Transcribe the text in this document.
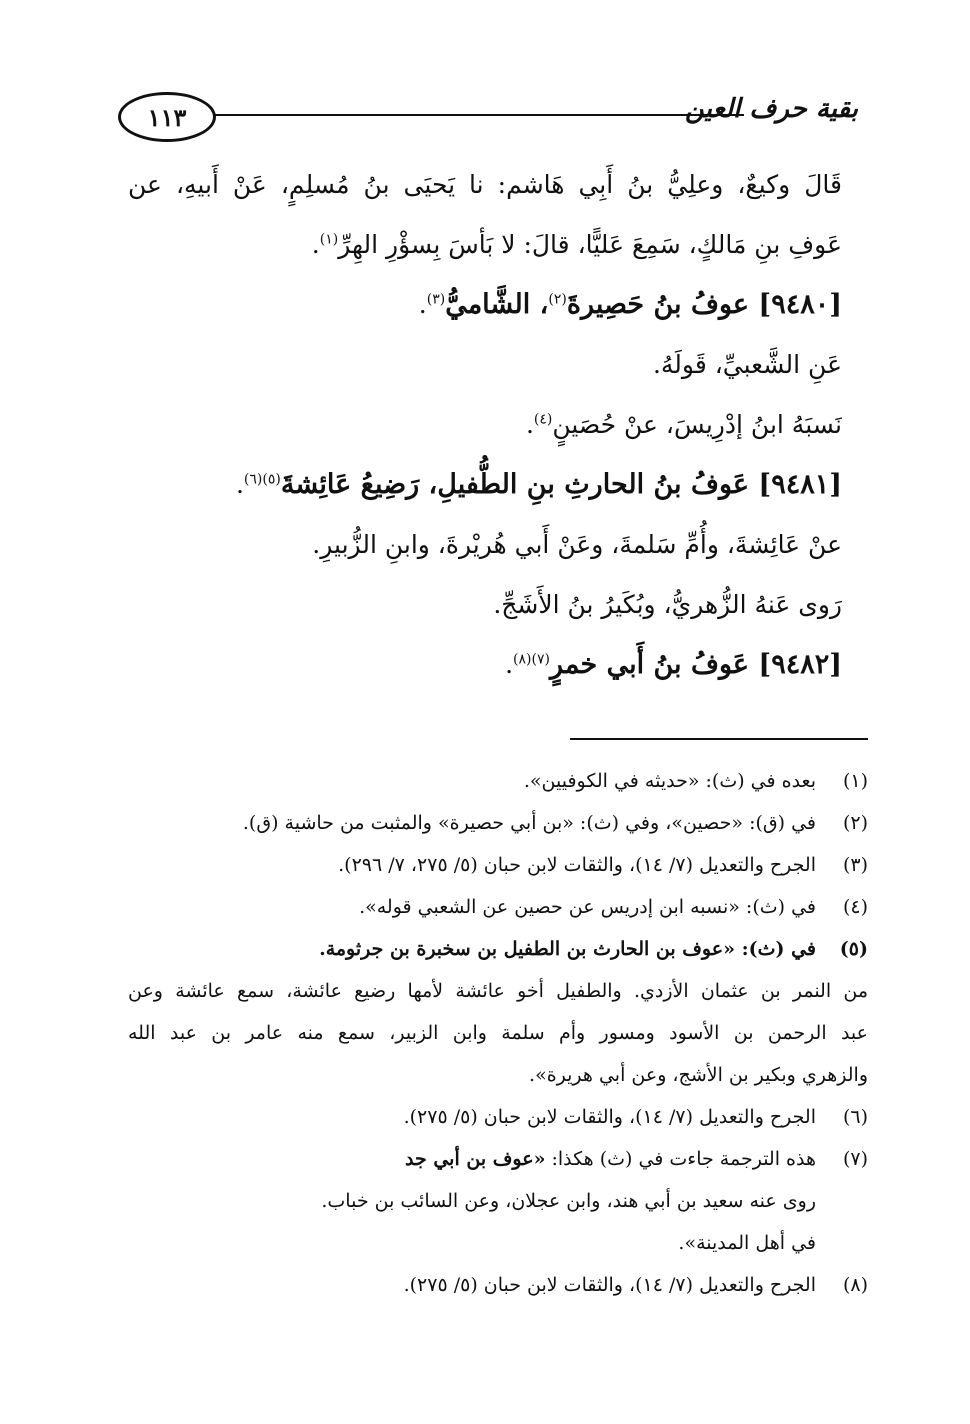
١١٣	بقية حرف العين
قَالَ وكيعٌ، وعلِيُّ بنُ أَبِي هَاشم: نا يَحيَى بنُ مُسلِمٍ، عَنْ أَبيهِ، عن
عَوفِ بنِ مَالكٍ، سَمِعَ عَليًّا، قالَ: لا بَأسَ بِسؤْرِ الهِرِّ$^{(١)}$.
[٩٤٨٠] عوفُ بنُ حَصِيرةَ$^{(٢)}$، الشَّاميُّ$^{(٣)}$.
عَنِ الشَّعبيِّ، قَولَهُ.
نَسبَهُ ابنُ إدْرِيسَ، عنْ حُصَينٍ$^{(٤)}$.
[٩٤٨١] عَوفُ بنُ الحارثِ بنِ الطُّفيلِ، رَضِيعُ عَائِشةَ$^{(٥)(٦)}$.
عنْ عَائِشةَ، وأُمِّ سَلمةَ، وعَنْ أَبي هُريْرةَ، وابنِ الزُّبيرِ.
رَوى عَنهُ الزُّهريُّ، وبُكَيرُ بنُ الأَشَجِّ.
[٩٤٨٢] عَوفُ بنُ أَبي خمرٍ$^{(٧)(٨)}$.
(١)بعده في (ث): «حديثه في الكوفيين».
(٢)في (ق): «حصين»، وفي (ث): «بن أبي حصيرة» والمثبت من حاشية (ق).
(٣)الجرح والتعديل (٧/ ١٤)، والثقات لابن حبان (٥/ ٢٧٥، ٧/ ٢٩٦).
(٤)في (ث): «نسبه ابن إدريس عن حصين عن الشعبي قوله».
(٥)في (ث): «عوف بن الحارث بن الطفيل بن سخبرة بن جرثومة.
من النمر بن عثمان الأزدي. والطفيل أخو عائشة لأمها رضيع عائشة، سمع عائشة وعن
عبد الرحمن بن الأسود ومسور وأم سلمة وابن الزبير، سمع منه عامر بن عبد الله
والزهري وبكير بن الأشج، وعن أبي هريرة».
(٦)الجرح والتعديل (٧/ ١٤)، والثقات لابن حبان (٥/ ٢٧٥).
(٧)هذه الترجمة جاءت في (ث) هكذا: «عوف بن أبي جد
روى عنه سعيد بن أبي هند، وابن عجلان، وعن السائب بن خباب.
في أهل المدينة».
(٨)الجرح والتعديل (٧/ ١٤)، والثقات لابن حبان (٥/ ٢٧٥).
